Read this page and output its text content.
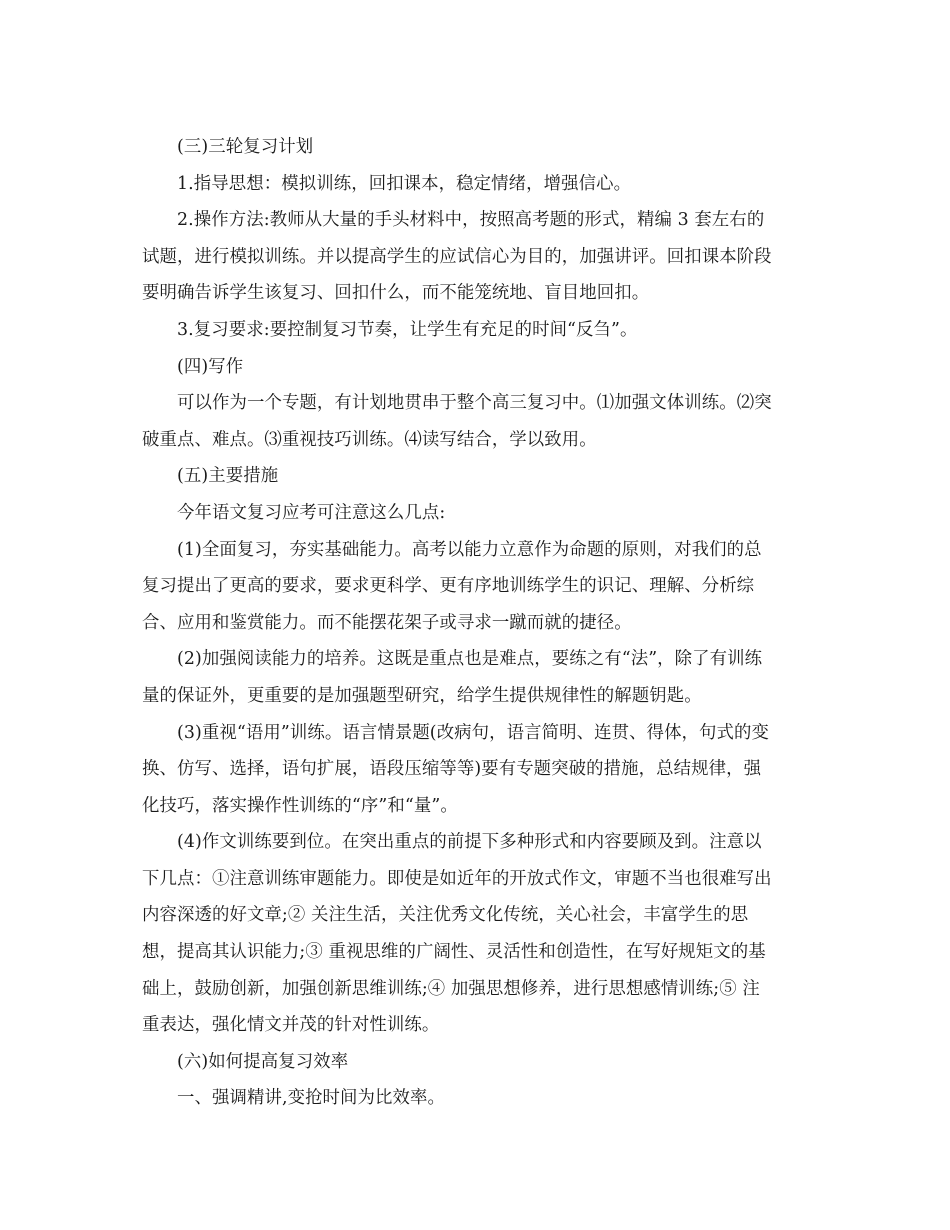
(三)三轮复习计划
1.指导思想：模拟训练，回扣课本，稳定情绪，增强信心。
2.操作方法:教师从大量的手头材料中，按照高考题的形式，精编 3 套左右的
试题，进行模拟训练。并以提高学生的应试信心为目的，加强讲评。回扣课本阶段
要明确告诉学生该复习、回扣什么，而不能笼统地、盲目地回扣。
3.复习要求:要控制复习节奏，让学生有充足的时间“反刍”。
(四)写作
可以作为一个专题，有计划地贯串于整个高三复习中。⑴加强文体训练。⑵突
破重点、难点。⑶重视技巧训练。⑷读写结合，学以致用。
(五)主要措施
今年语文复习应考可注意这么几点:
(1)全面复习，夯实基础能力。高考以能力立意作为命题的原则，对我们的总
复习提出了更高的要求，要求更科学、更有序地训练学生的识记、理解、分析综
合、应用和鉴赏能力。而不能摆花架子或寻求一蹴而就的捷径。
(2)加强阅读能力的培养。这既是重点也是难点，要练之有“法”，除了有训练
量的保证外，更重要的是加强题型研究，给学生提供规律性的解题钥匙。
(3)重视“语用”训练。语言情景题(改病句，语言简明、连贯、得体，句式的变
换、仿写、选择，语句扩展，语段压缩等等)要有专题突破的措施，总结规律，强
化技巧，落实操作性训练的“序”和“量”。
(4)作文训练要到位。在突出重点的前提下多种形式和内容要顾及到。注意以
下几点：①注意训练审题能力。即使是如近年的开放式作文，审题不当也很难写出
内容深透的好文章;② 关注生活，关注优秀文化传统，关心社会，丰富学生的思
想，提高其认识能力;③ 重视思维的广阔性、灵活性和创造性，在写好规矩文的基
础上，鼓励创新，加强创新思维训练;④ 加强思想修养，进行思想感情训练;⑤ 注
重表达，强化情文并茂的针对性训练。
(六)如何提高复习效率
一、强调精讲,变抢时间为比效率。
